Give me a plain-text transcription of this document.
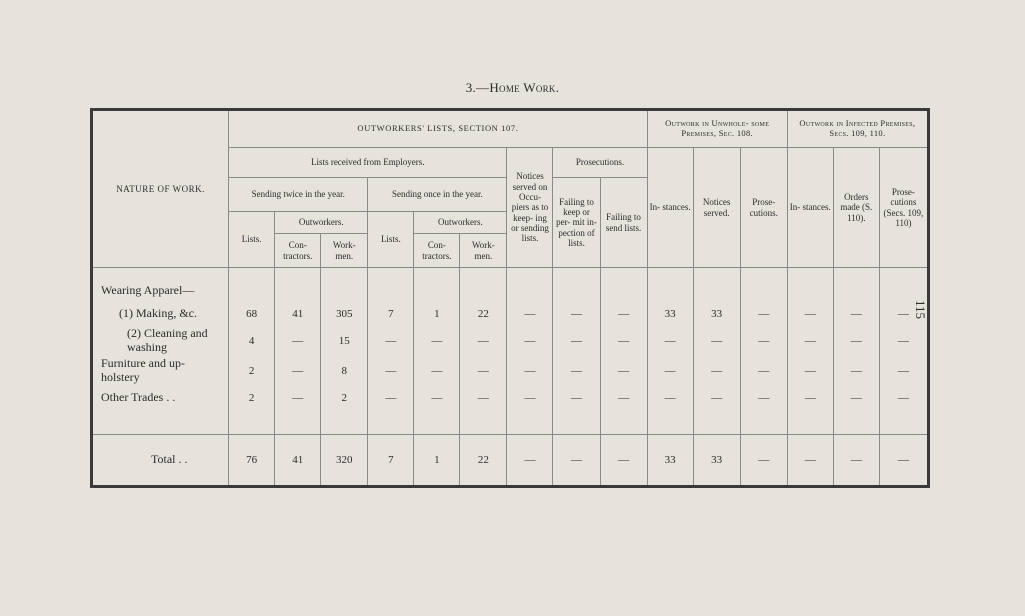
3.—Home Work.
115
NATURE OF WORK.	OUTWORKERS' LISTS, SECTION 107.									Outwork in Unwhole- some Premises, Sec. 108.			Outwork in Infected Premises, Secs. 109, 110.		
	Lists received from Employers.						Notices served on Occu- piers as to keep- ing or sending lists.	Prosecutions.		In- stances.	Notices served.	Prose- cutions.	In- stances.	Orders made (S. 110).	Prose- cutions (Secs. 109, 110)
	Sending twice in the year.			Sending once in the year.				Failing to keep or per- mit in- pection of lists.	Failing to send lists.						
	Lists.	Outworkers.		Lists.	Outworkers.										
		Con- tractors.	Work- men.		Con- tractors.	Work- men.									
Wearing Apparel—															
(1) Making, &c.	68	41	305	7	1	22	—	—	—	33	33	—	—	—	—
(2) Cleaning and washing	4	—	15	—	—	—	—	—	—	—	—	—	—	—	—
Furniture and up- holstery	2	—	8	—	—	—	—	—	—	—	—	—	—	—	—
Other Trades . .	2	—	2	—	—	—	—	—	—	—	—	—	—	—	—

Total . .	76	41	320	7	1	22	—	—	—	33	33	—	—	—	—
